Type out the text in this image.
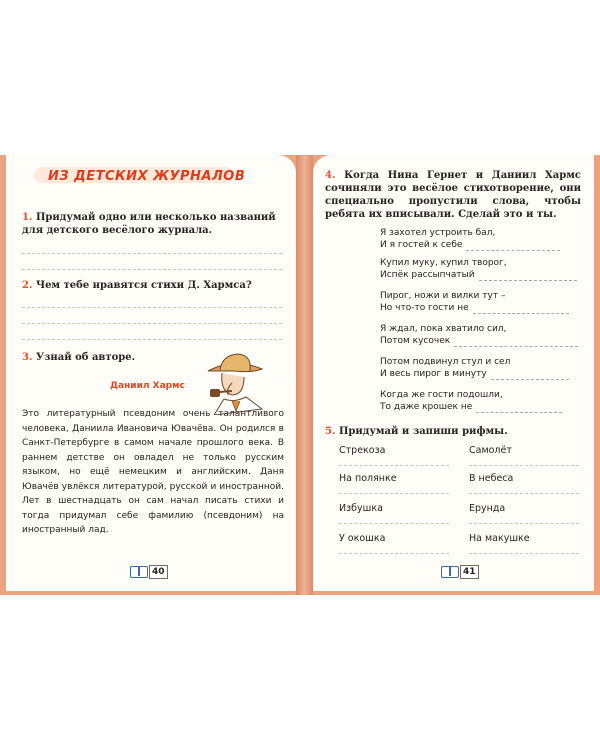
ИЗ ДЕТСКИХ ЖУРНАЛОВ
1. Придумай одно или несколько названий для детского весёлого журнала.
2. Чем тебе нравятся стихи Д. Хармса?
3. Узнай об авторе.
Даниил Хармс
Это литературный псевдоним очень талантливого человека, Даниила Ивановича Ювачёва. Он родился в Санкт-Петербурге в самом начале прошлого века. В раннем детстве он овладел не только русским языком, но ещё немецким и английским. Даня Ювачёв увлёкся литературой, русской и иностранной. Лет в шестнадцать он сам начал писать стихи и тогда придумал себе фамилию (псевдоним) на иностранный лад.
40
4. Когда Нина Гернет и Даниил Хармс сочиняли это весёлое стихотворение, они специально пропустили слова, чтобы ребята их вписывали. Сделай это и ты.
Я захотел устроить бал,
И я гостей к себе
Купил муку, купил творог,
Испёк рассыпчатый
Пирог, ножи и вилки тут –
Но что-то гости не
Я ждал, пока хватило сил,
Потом кусочек
Потом подвинул стул и сел
И весь пирог в минуту
Когда же гости подошли,
То даже крошек не
5. Придумай и запиши рифмы.
Стрекоза	Самолёт
На полянке	В небеса
Избушка	Ерунда
У окошка	На макушке
41
